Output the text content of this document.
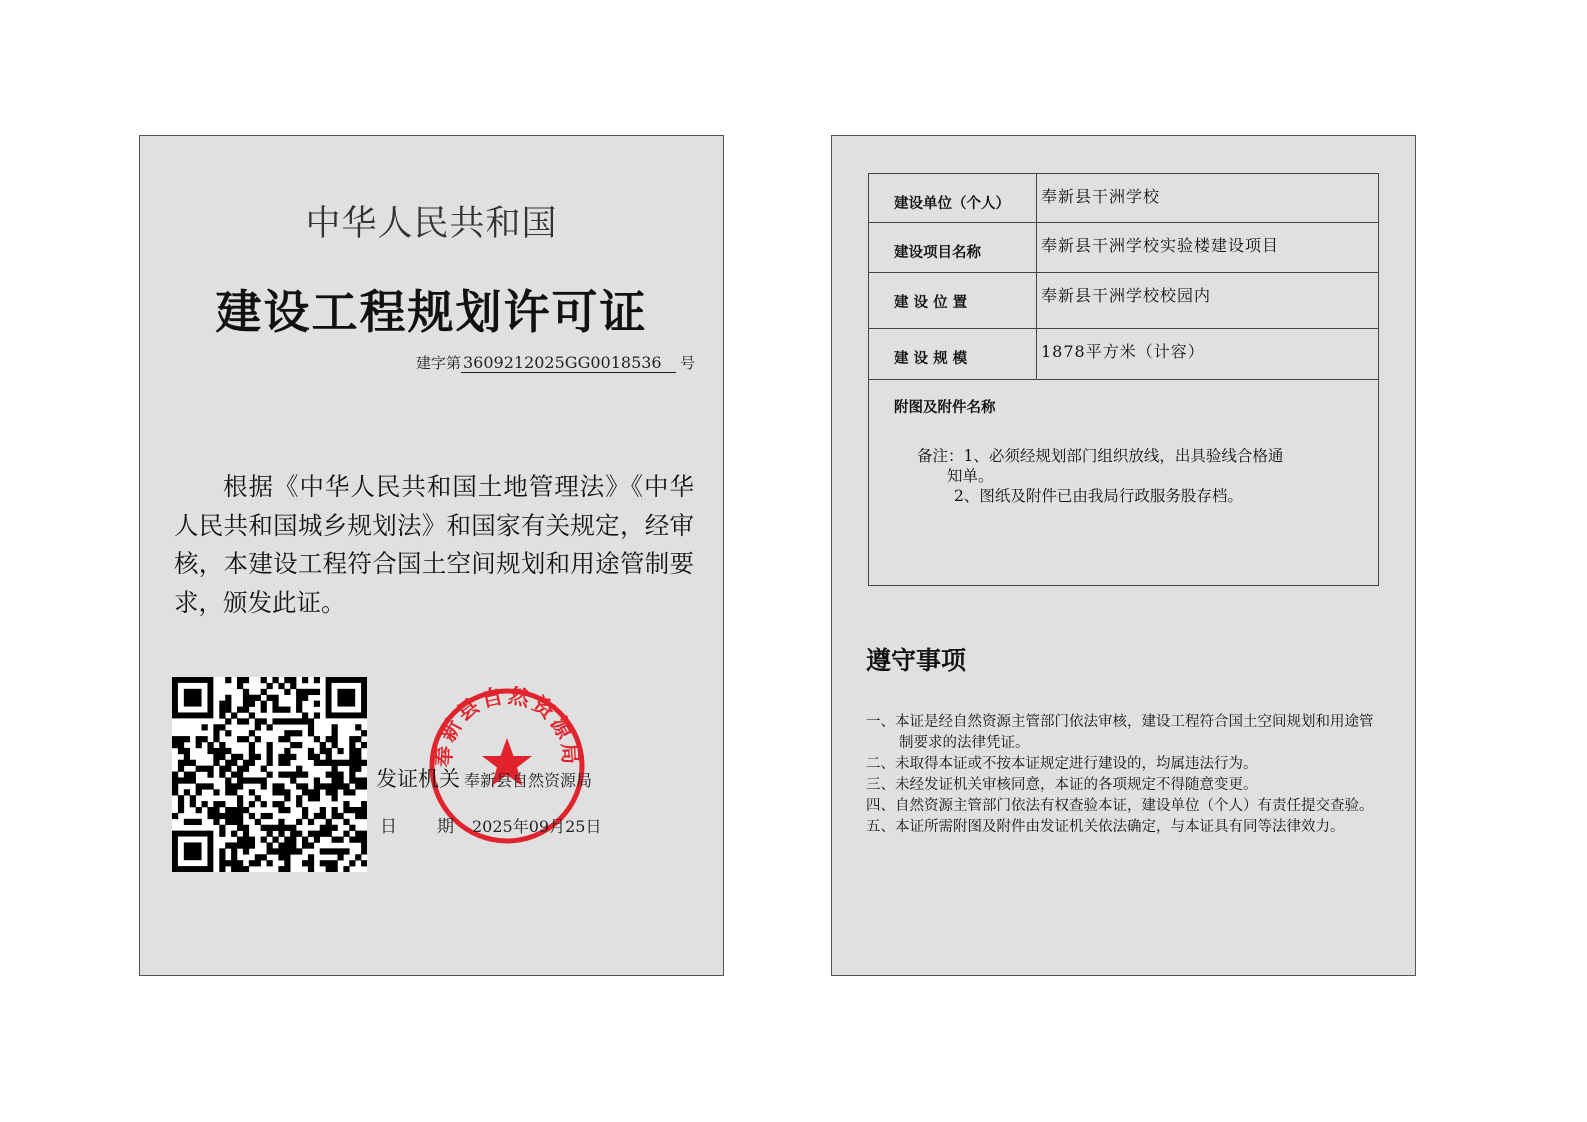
中华人民共和国
建设工程规划许可证
建字第 3609212025GG0018536	号

根据《中华人民共和国土地管理法》《中华人民共和国城乡规划法》和国家有关规定，经审核，本建设工程符合国土空间规划和用途管制要求，颁发此证。

奉新县自然资源局
发证机关 奉新县自然资源局
日期
2025年09月25日
建设单位（个人）	奉新县干洲学校
建设项目名称	奉新县干洲学校实验楼建设项目
建 设 位 置	奉新县干洲学校校园内
建 设 规 模	1878平方米（计容）
附图及附件名称
备注：1、必须经规划部门组织放线，出具验线合格通
知单。
2、图纸及附件已由我局行政服务股存档。
遵守事项
一、本证是经自然资源主管部门依法审核，建设工程符合国土空间规划和用途管制要求的法律凭证。
二、未取得本证或不按本证规定进行建设的，均属违法行为。
三、未经发证机关审核同意，本证的各项规定不得随意变更。
四、自然资源主管部门依法有权查验本证，建设单位（个人）有责任提交查验。
五、本证所需附图及附件由发证机关依法确定，与本证具有同等法律效力。
